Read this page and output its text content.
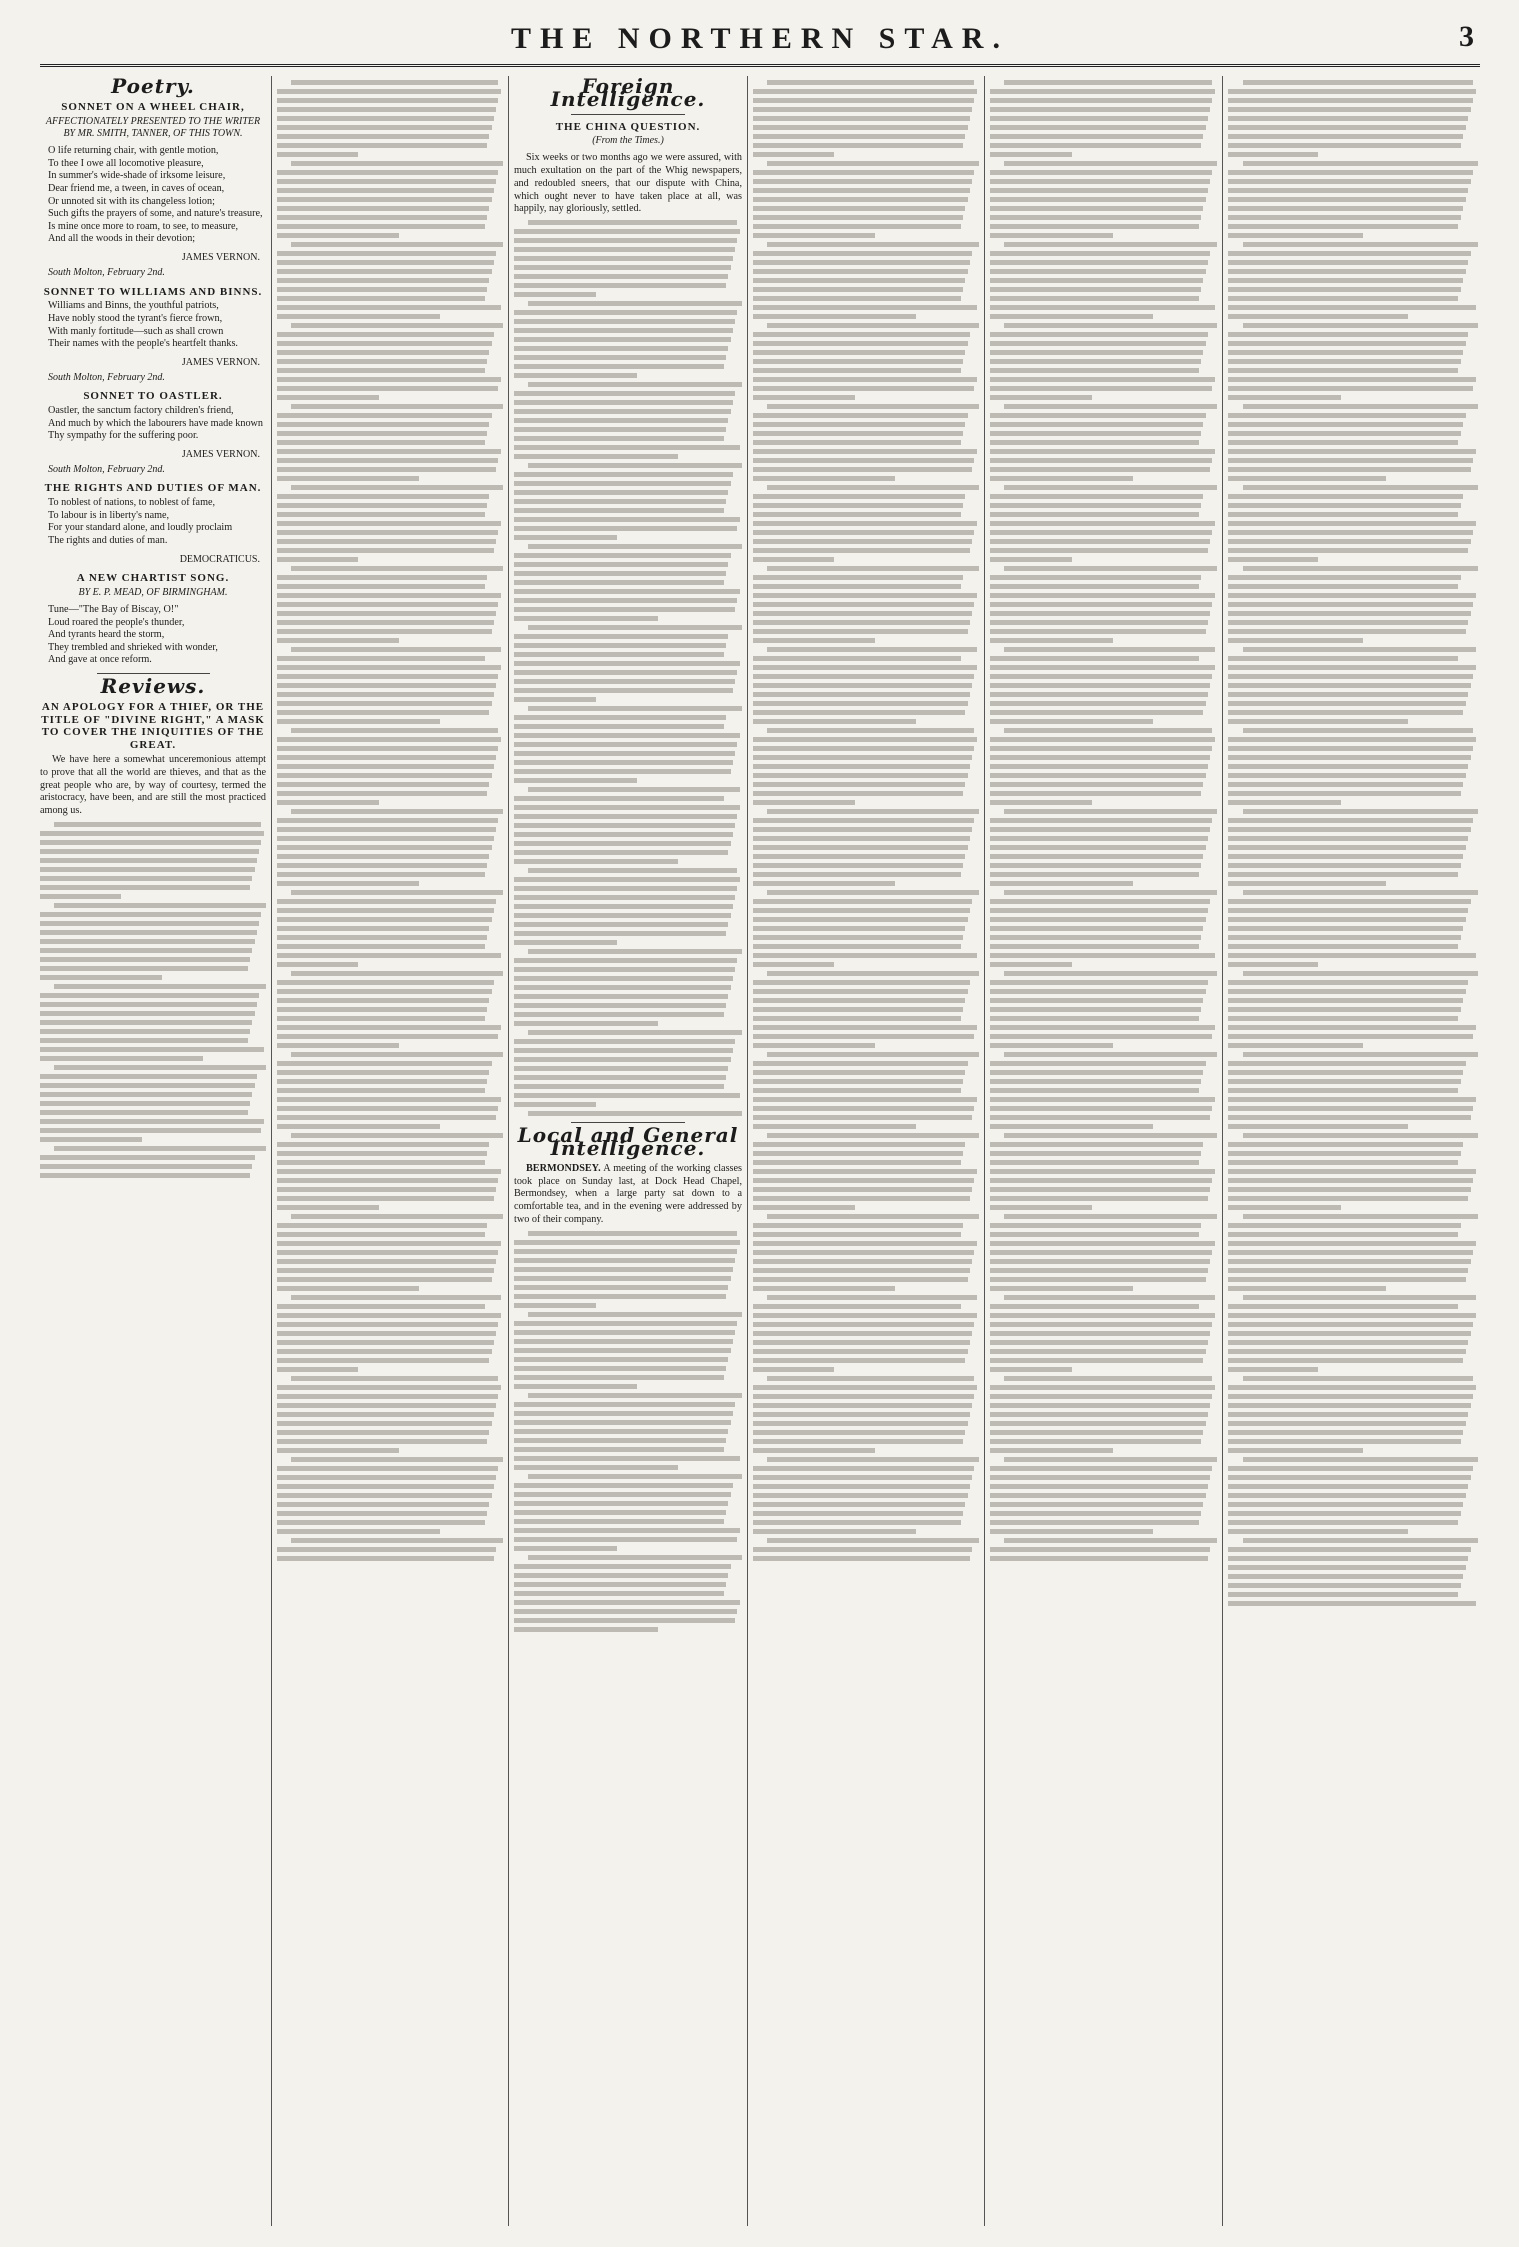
THE NORTHERN STAR.	3
Poetry.
SONNET ON A WHEEL CHAIR,
AFFECTIONATELY PRESENTED TO THE WRITER BY MR. SMITH, TANNER, OF THIS TOWN.
O life returning chair, with gentle motion,
To thee I owe all locomotive pleasure,
In summer's wide-shade of irksome leisure,
Dear friend me, a tween, in caves of ocean,
Or unnoted sit with its changeless lotion;
Such gifts the prayers of some, and nature's treasure,
Is mine once more to roam, to see, to measure,
And all the woods in their devotion;
JAMES VERNON.
South Molton, February 2nd.
SONNET TO WILLIAMS AND BINNS.
Williams and Binns, the youthful patriots,
Have nobly stood the tyrant's fierce frown,
With manly fortitude—such as shall crown
Their names with the people's heartfelt thanks.
JAMES VERNON.
South Molton, February 2nd.
SONNET TO OASTLER.
Oastler, the sanctum factory children's friend,
And much by which the labourers have made known
Thy sympathy for the suffering poor.
JAMES VERNON.
South Molton, February 2nd.
THE RIGHTS AND DUTIES OF MAN.
To noblest of nations, to noblest of fame,
To labour is in liberty's name,
For your standard alone, and loudly proclaim
The rights and duties of man.
DEMOCRATICUS.
A NEW CHARTIST SONG.
BY E. P. MEAD, OF BIRMINGHAM.
Tune—"The Bay of Biscay, O!"
Loud roared the people's thunder,
And tyrants heard the storm,
They trembled and shrieked with wonder,
And gave at once reform.
Reviews.
AN APOLOGY FOR A THIEF, OR THE TITLE OF "DIVINE RIGHT," A MASK TO COVER THE INIQUITIES OF THE GREAT.

We have here a somewhat unceremonious attempt to prove that all the world are thieves, and that as the great people who are, by way of courtesy, termed the aristocracy, have been, and are still the most practiced among us.

Foreign Intelligence.
THE CHINA QUESTION.
(From the Times.)

Six weeks or two months ago we were assured, with much exultation on the part of the Whig newspapers, and redoubled sneers, that our dispute with China, which ought never to have taken place at all, was happily, nay gloriously, settled.

Local and General Intelligence.

BERMONDSEY. A meeting of the working classes took place on Sunday last, at Dock Head Chapel, Bermondsey, when a large party sat down to a comfortable tea, and in the evening were addressed by two of their company.
